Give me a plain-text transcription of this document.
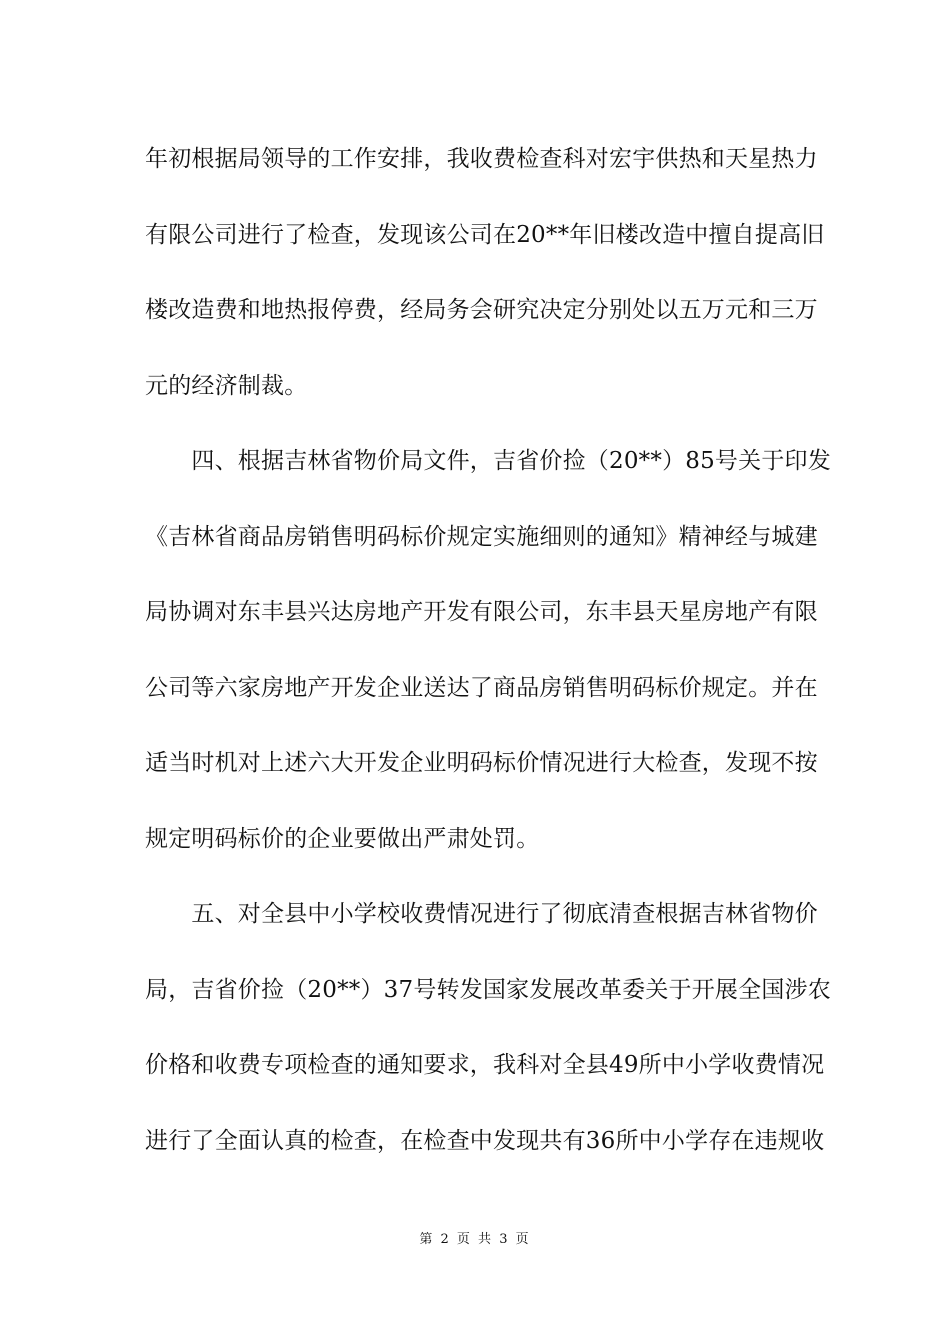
年初根据局领导的工作安排，我收费检查科对宏宇供热和天星热力
有限公司进行了检查，发现该公司在20**年旧楼改造中擅自提高旧
楼改造费和地热报停费，经局务会研究决定分别处以五万元和三万
元的经济制裁。
　　四、根据吉林省物价局文件，吉省价捡（20**）85号关于印发
《吉林省商品房销售明码标价规定实施细则的通知》精神经与城建
局协调对东丰县兴达房地产开发有限公司，东丰县天星房地产有限
公司等六家房地产开发企业送达了商品房销售明码标价规定。并在
适当时机对上述六大开发企业明码标价情况进行大检查，发现不按
规定明码标价的企业要做出严肃处罚。
　　五、对全县中小学校收费情况进行了彻底清查根据吉林省物价
局，吉省价捡（20**）37号转发国家发展改革委关于开展全国涉农
价格和收费专项检查的通知要求，我科对全县49所中小学收费情况
进行了全面认真的检查，在检查中发现共有36所中小学存在违规收
第 2 页 共 3 页
